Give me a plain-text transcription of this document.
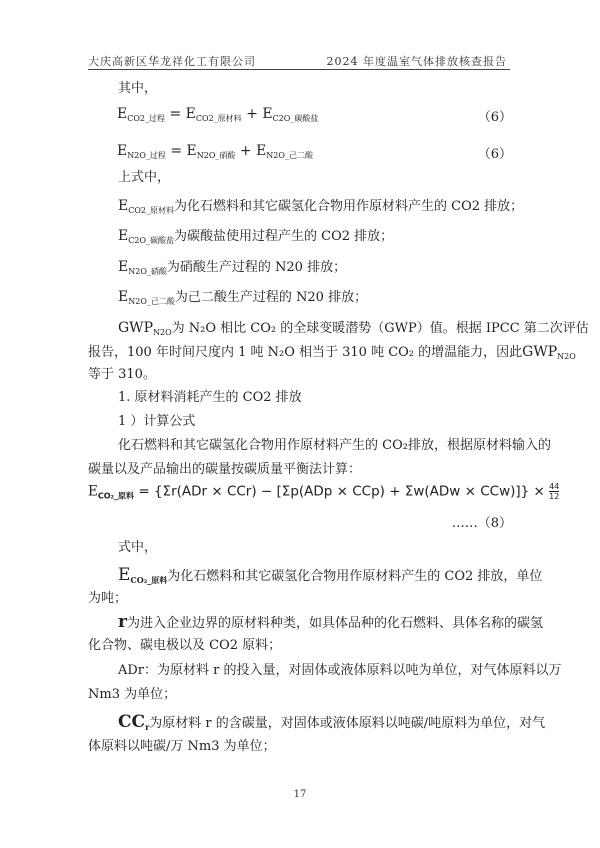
大庆高新区华龙祥化工有限公司	2024 年度温室气体排放核查报告
其中，
$E_{CO2\_过程} = E_{CO2\_原材料} + E_{C2O\_碳酸盐}$	（6）
$E_{N2O\_过程} = E_{N2O\_硝酸} + E_{N2O\_己二酸}$	（6）
上式中，
$E_{CO2\_原材料}$为化石燃料和其它碳氢化合物用作原材料产生的 CO2 排放；
$E_{C2O\_碳酸盐}$为碳酸盐使用过程产生的 CO2 排放；
$E_{N2O\_硝酸}$为硝酸生产过程的 N20 排放；
$E_{N2O\_己二酸}$为己二酸生产过程的 N20 排放；
$GWP_{N2O}$为 N₂O 相比 CO₂ 的全球变暖潜势（GWP）值。根据 IPCC 第二次评估
报告，100 年时间尺度内 1 吨 N₂O 相当于 310 吨 CO₂ 的增温能力，因此$GWP_{N2O}$
等于 310。
1. 原材料消耗产生的 CO2 排放
1 ）计算公式
化石燃料和其它碳氢化合物用作原材料产生的 CO₂排放，根据原材料输入的
碳量以及产品输出的碳量按碳质量平衡法计算：
$E_{CO_2\_原料} = \{\Sigma r(ADr \times CCr) - [\Sigma p(ADp \times CCp) + \Sigma w(ADw \times CCw)]\} \times \frac{44}{12}$
……（8）
式中，
$E_{CO_2\_原料}$为化石燃料和其它碳氢化合物用作原材料产生的 CO2 排放，单位
为吨；
r为进入企业边界的原材料种类，如具体品种的化石燃料、具体名称的碳氢
化合物、碳电极以及 CO2 原料；
ADr：为原材料 r 的投入量，对固体或液体原料以吨为单位，对气体原料以万
Nm3 为单位；
$CC_r$为原材料 r 的含碳量，对固体或液体原料以吨碳/吨原料为单位，对气
体原料以吨碳/万 Nm3 为单位；
17
